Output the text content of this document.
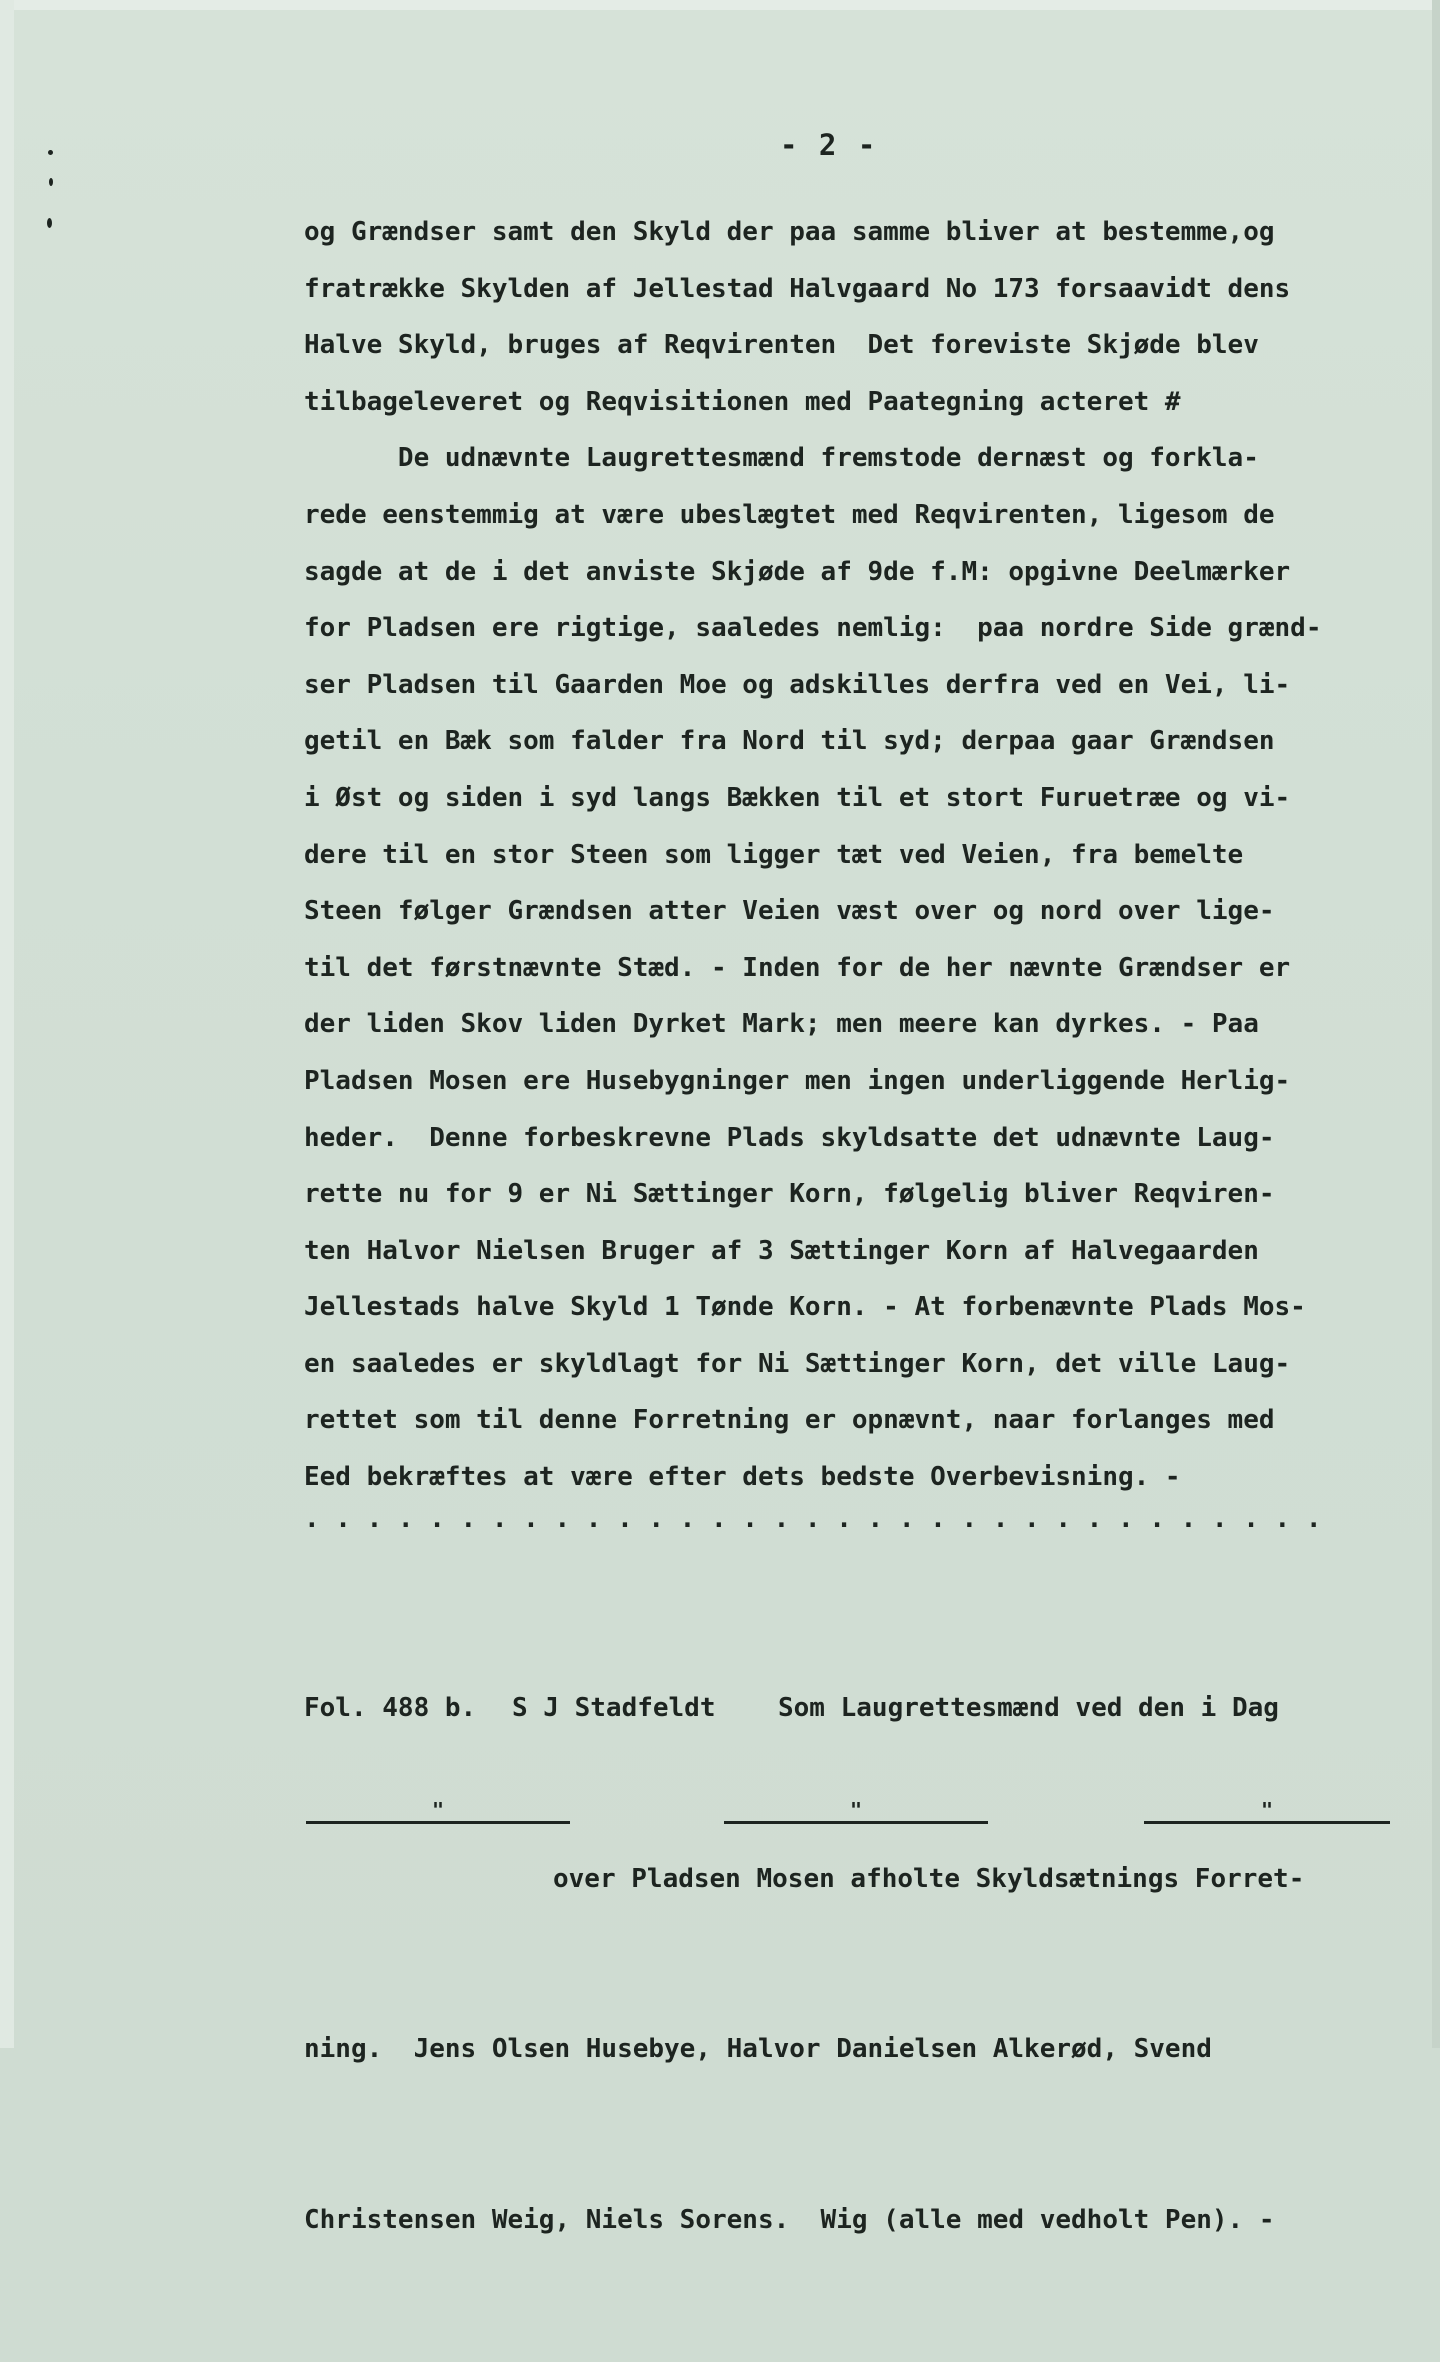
- 2 -
og Grændser samt den Skyld der paa samme bliver at bestemme,og
fratrække Skylden af Jellestad Halvgaard No 173 forsaavidt dens
Halve Skyld, bruges af Reqvirenten  Det foreviste Skjøde blev
tilbageleveret og Reqvisitionen med Paategning acteret #
De udnævnte Laugrettesmænd fremstode dernæst og forkla-
rede eenstemmig at være ubeslægtet med Reqvirenten, ligesom de
sagde at de i det anviste Skjøde af 9de f.M: opgivne Deelmærker
for Pladsen ere rigtige, saaledes nemlig:  paa nordre Side grænd-
ser Pladsen til Gaarden Moe og adskilles derfra ved en Vei, li-
getil en Bæk som falder fra Nord til syd; derpaa gaar Grændsen
i Øst og siden i syd langs Bækken til et stort Furuetræe og vi-
dere til en stor Steen som ligger tæt ved Veien, fra bemelte
Steen følger Grændsen atter Veien væst over og nord over lige-
til det førstnævnte Stæd. - Inden for de her nævnte Grændser er
der liden Skov liden Dyrket Mark; men meere kan dyrkes. - Paa
Pladsen Mosen ere Husebygninger men ingen underliggende Herlig-
heder.  Denne forbeskrevne Plads skyldsatte det udnævnte Laug-
rette nu for 9 er Ni Sættinger Korn, følgelig bliver Reqviren-
ten Halvor Nielsen Bruger af 3 Sættinger Korn af Halvegaarden
Jellestads halve Skyld 1 Tønde Korn. - At forbenævnte Plads Mos-
en saaledes er skyldlagt for Ni Sættinger Korn, det ville Laug-
rettet som til denne Forretning er opnævnt, naar forlanges med
Eed bekræftes at være efter dets bedste Overbevisning. -
. . . . . . . . . . . . . . . . . . . . . . . . . . . . . . . . .

Fol. 488 b. S J Stadfeldt Som Laugrettesmænd ved den i Dag

over Pladsen Mosen afholte Skyldsætnings Forret-

ning.  Jens Olsen Husebye, Halvor Danielsen Alkerød, Svend

Christensen Weig, Niels Sorens.  Wig (alle med vedholt Pen). -

"	"	"
